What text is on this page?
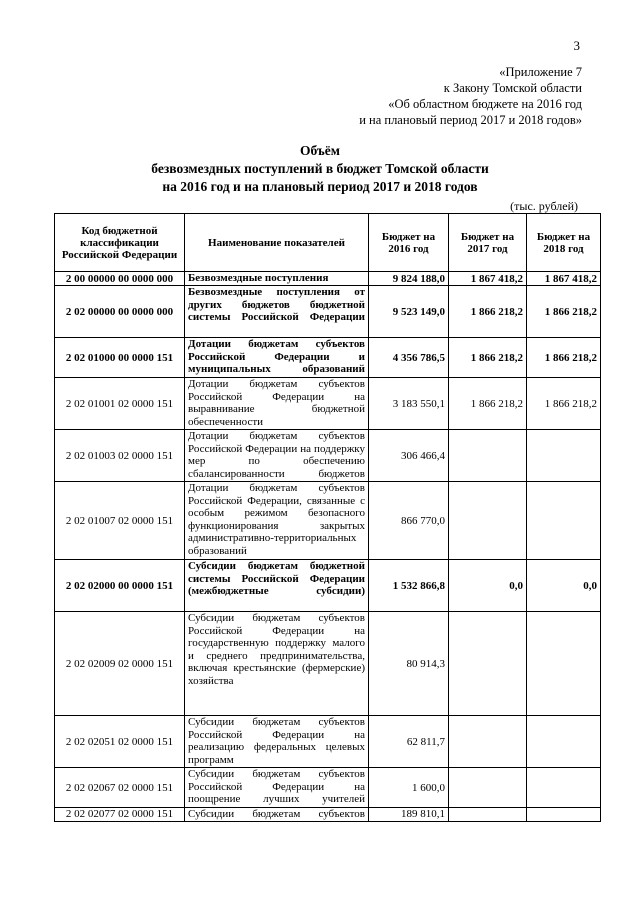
3
«Приложение 7
к Закону Томской области
«Об областном бюджете на 2016 год
и на плановый период 2017 и 2018 годов»
Объём
безвозмездных поступлений в бюджет Томской области
на 2016 год и на плановый период 2017 и 2018 годов
(тыс. рублей)
Код бюджетной классификации Российской Федерации	Наименование показателей	Бюджет на 2016 год	Бюджет на 2017 год	Бюджет на 2018 год
2 00 00000 00 0000 000	Безвозмездные поступления	9 824 188,0	1 867 418,2	1 867 418,2
2 02 00000 00 0000 000	Безвозмездные поступления от других бюджетов бюджетной системы Российской Федерации	9 523 149,0	1 866 218,2	1 866 218,2
2 02 01000 00 0000 151	Дотации бюджетам субъектов Российской Федерации и муниципальных образований	4 356 786,5	1 866 218,2	1 866 218,2
2 02 01001 02 0000 151	Дотации бюджетам субъектов Российской Федерации на выравнивание бюджетной обеспеченности	3 183 550,1	1 866 218,2	1 866 218,2
2 02 01003 02 0000 151	Дотации бюджетам субъектов Российской Федерации на поддержку мер по обеспечению сбалансированности бюджетов	306 466,4		
2 02 01007 02 0000 151	Дотации бюджетам субъектов Российской Федерации, связанные с особым режимом безопасного функционирования закрытых административно-территориальных образований	866 770,0		
2 02 02000 00 0000 151	Субсидии бюджетам бюджетной системы Российской Федерации (межбюджетные субсидии)	1 532 866,8	0,0	0,0
2 02 02009 02 0000 151	Субсидии бюджетам субъектов Российской Федерации на государственную поддержку малого и среднего предпринимательства, включая крестьянские (фермерские) хозяйства	80 914,3		
2 02 02051 02 0000 151	Субсидии бюджетам субъектов Российской Федерации на реализацию федеральных целевых программ	62 811,7		
2 02 02067 02 0000 151	Субсидии бюджетам субъектов Российской Федерации на поощрение лучших учителей	1 600,0		
2 02 02077 02 0000 151	Субсидии бюджетам субъектов	189 810,1		
